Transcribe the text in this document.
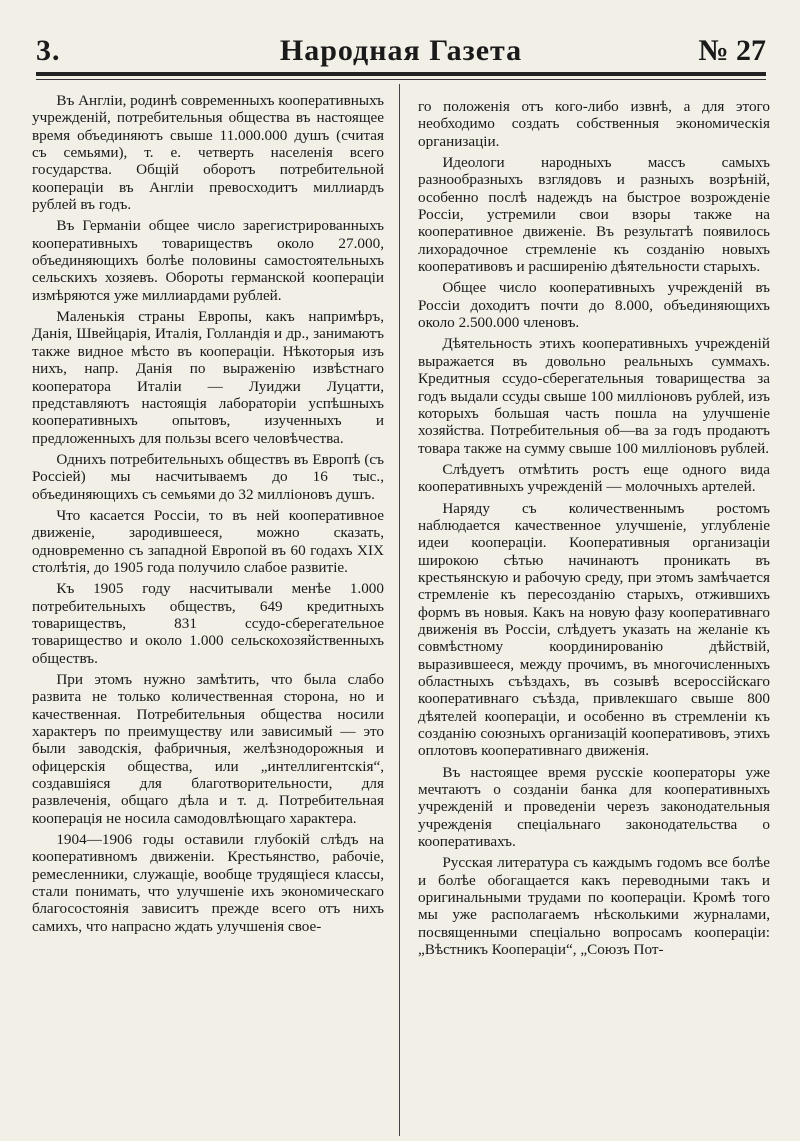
3.	Народная Газета	№ 27

Въ Англіи, родинѣ современныхъ кооперативныхъ учрежденій, потребительныя общества въ настоящее время объединяютъ свыше 11.000.000 душъ (считая съ семьями), т. е. четверть населенія всего государства. Общій оборотъ потребительной коопераціи въ Англіи превосходитъ миллиардъ рублей въ годъ.

Въ Германіи общее число зарегистрированныхъ кооперативныхъ товариществъ около 27.000, объединяющихъ болѣе половины самостоятельныхъ сельскихъ хозяевъ. Обороты германской коопераціи измѣряются уже миллиардами рублей.

Маленькія страны Европы, какъ напримѣръ, Данія, Швейцарія, Италія, Голландія и др., занимаютъ также видное мѣсто въ коопераціи. Нѣкоторыя изъ нихъ, напр. Данія по выраженію извѣстнаго кооператора Италіи — Луиджи Луцатти, представляютъ настоящія лабораторіи успѣшныхъ кооперативныхъ опытовъ, изученныхъ и предложенныхъ для пользы всего человѣчества.

Однихъ потребительныхъ обществъ въ Европѣ (съ Россіей) мы насчитываемъ до 16 тыс., объединяющихъ съ семьями до 32 милліоновъ душъ.

Что касается Россіи, то въ ней кооперативное движеніе, зародившееся, можно сказать, одновременно съ западной Европой въ 60 годахъ XIX столѣтія, до 1905 года получило слабое развитіе.

Къ 1905 году насчитывали менѣе 1.000 потребительныхъ обществъ, 649 кредитныхъ товариществъ, 831 ссудо-сберегательное товарищество и около 1.000 сельскохозяйственныхъ обществъ.

При этомъ нужно замѣтить, что была слабо развита не только количественная сторона, но и качественная. Потребительныя общества носили характеръ по преимуществу или зависимый — это были заводскія, фабричныя, желѣзнодорожныя и офицерскія общества, или „интеллигентскія“, создавшіяся для благотворительности, для развлеченія, общаго дѣла и т. д. Потребительная кооперація не носила самодовлѣющаго характера.

1904—1906 годы оставили глубокій слѣдъ на кооперативномъ движеніи. Крестьянство, рабочіе, ремесленники, служащіе, вообще трудящіеся классы, стали понимать, что улучшеніе ихъ экономическаго благосостоянія зависитъ прежде всего отъ нихъ самихъ, что напрасно ждать улучшенія свое-

го положенія отъ кого-либо извнѣ, а для этого необходимо создать собственныя экономическія организаціи.

Идеологи народныхъ массъ самыхъ разнообразныхъ взглядовъ и разныхъ возрѣній, особенно послѣ надеждъ на быстрое возрожденіе Россіи, устремили свои взоры также на кооперативное движеніе. Въ результатѣ появилось лихорадочное стремленіе къ созданію новыхъ кооперативовъ и расширенію дѣятельности старыхъ.

Общее число кооперативныхъ учрежденій въ Россіи доходитъ почти до 8.000, объединяющихъ около 2.500.000 членовъ.

Дѣятельность этихъ кооперативныхъ учрежденій выражается въ довольно реальныхъ суммахъ. Кредитныя ссудо-сберегательныя товарищества за годъ выдали ссуды свыше 100 милліоновъ рублей, изъ которыхъ большая часть пошла на улучшеніе хозяйства. Потребительныя об—ва за годъ продаютъ товара также на сумму свыше 100 милліоновъ рублей.

Слѣдуетъ отмѣтить ростъ еще одного вида кооперативныхъ учрежденій — молочныхъ артелей.

Наряду съ количественнымъ ростомъ наблюдается качественное улучшеніе, углубленіе идеи коопераціи. Кооперативныя организаціи широкою сѣтью начинаютъ проникать въ крестьянскую и рабочую среду, при этомъ замѣчается стремленіе къ пересозданію старыхъ, отжившихъ формъ въ новыя. Какъ на новую фазу кооперативнаго движенія въ Россіи, слѣдуетъ указать на желаніе къ совмѣстному координированію дѣйствій, выразившееся, между прочимъ, въ многочисленныхъ областныхъ съѣздахъ, въ созывѣ всероссійскаго кооперативнаго съѣзда, привлекшаго свыше 800 дѣятелей коопераціи, и особенно въ стремленіи къ созданію союзныхъ организацій кооперативовъ, этихъ оплотовъ кооперативнаго движенія.

Въ настоящее время русскіе кооператоры уже мечтаютъ о созданіи банка для кооперативныхъ учрежденій и проведеніи черезъ законодательныя учрежденія спеціальнаго законодательства о кооперативахъ.

Русская литература съ каждымъ годомъ все болѣе и болѣе обогащается какъ переводными такъ и оригинальными трудами по коопераціи. Кромѣ того мы уже располагаемъ нѣсколькими журналами, посвященными спеціально вопросамъ коопераціи: „Вѣстникъ Коопераціи“, „Союзъ Пот-
